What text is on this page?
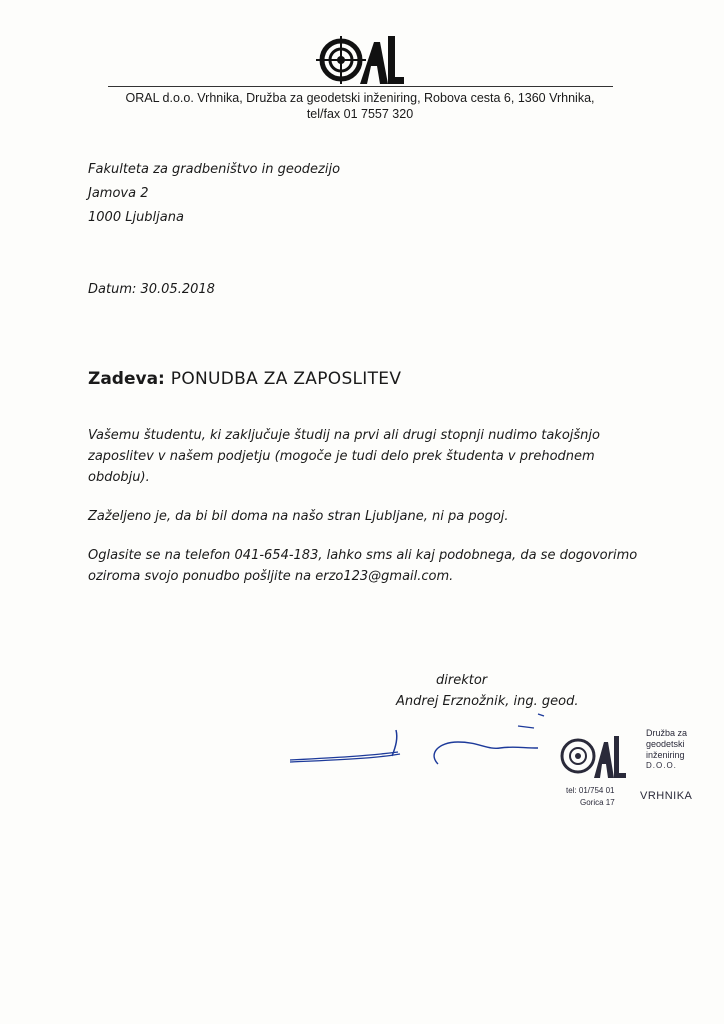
ORAL d.o.o. Vrhnika, Družba za geodetski inženiring, Robova cesta 6, 1360 Vrhnika,
tel/fax 01 7557 320
Fakulteta za gradbeništvo in geodezijo
Jamova 2
1000 Ljubljana
Datum: 30.05.2018
Zadeva: PONUDBA ZA ZAPOSLITEV

Vašemu študentu, ki zaključuje študij na prvi ali drugi stopnji nudimo takojšnjo zaposlitev v našem podjetju (mogoče je tudi delo prek študenta v prehodnem obdobju).

Zaželjeno je, da bi bil doma na našo stran Ljubljane, ni pa pogoj.

Oglasite se na telefon 041-654-183, lahko sms ali kaj podobnega, da se dogovorimo oziroma svojo ponudbo pošljite na erzo123@gmail.com.

direktor
Andrej Erznožnik, ing. geod.
Družba za
geodetski
inženiring
D.O.O.
tel: 01/754 01
Gorica 17
VRHNIKA
